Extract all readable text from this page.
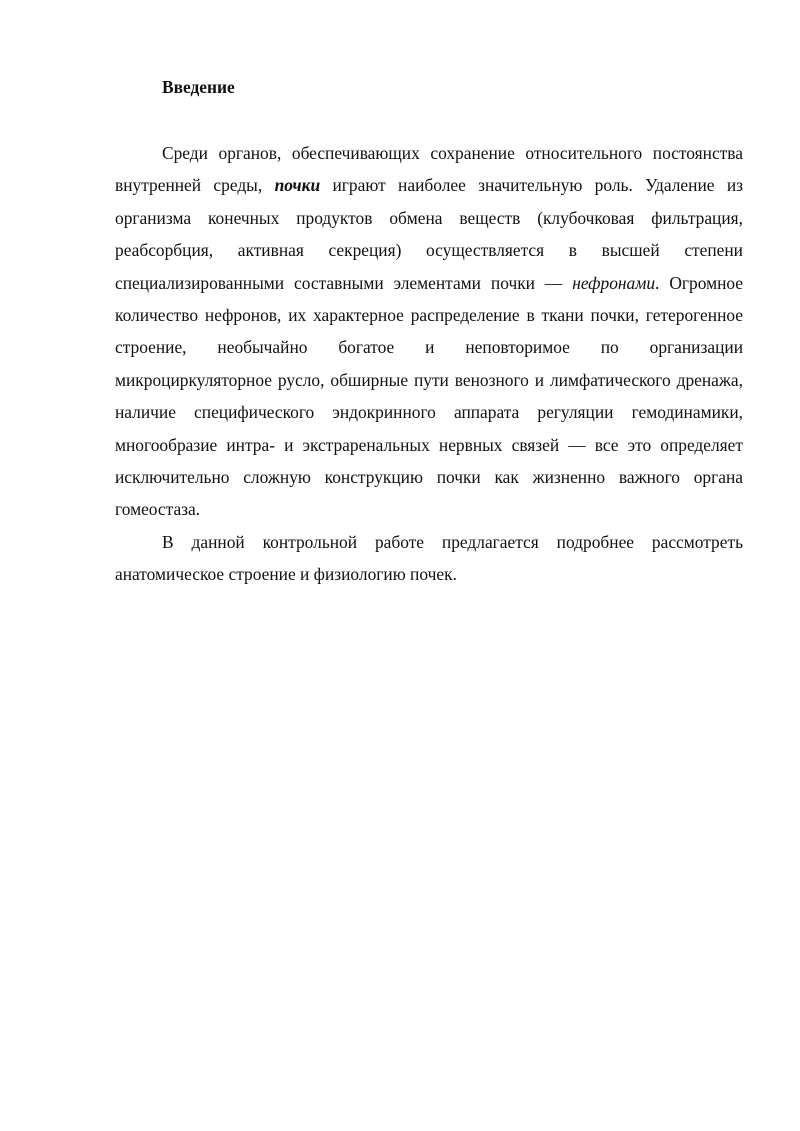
Введение

Среди органов, обеспечивающих сохранение относительного постоянства внутренней среды, почки играют наиболее значительную роль. Удаление из организма конечных продуктов обмена веществ (клубочковая фильтрация, реабсорбция, активная секреция) осуществляется в высшей степени специализированными составными элементами почки — нефронами. Огромное количество нефронов, их характерное распределение в ткани почки, гетерогенное строение, необычайно богатое и неповторимое по организации микроциркуляторное русло, обширные пути венозного и лимфатического дренажа, наличие специфического эндокринного аппарата регуляции гемодинамики, многообразие интра- и экстраренальных нервных связей — все это определяет исключительно сложную конструкцию почки как жизненно важного органа гомеостаза.

В данной контрольной работе предлагается подробнее рассмотреть анатомическое строение и физиологию почек.
